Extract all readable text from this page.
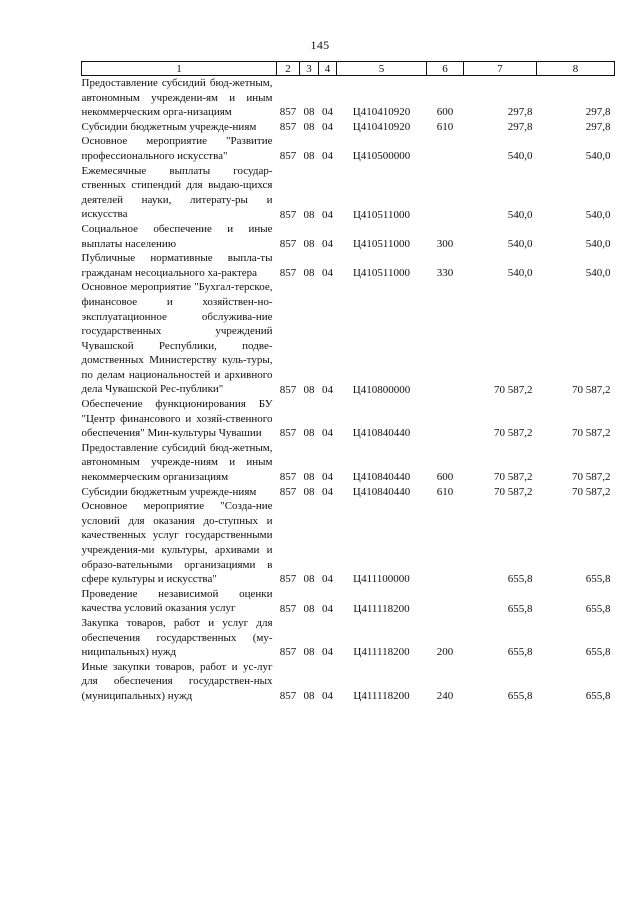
145
1	2	3	4	5	6	7	8
Предоставление субсидий бюд-жетным, автономным учреждени-ям и иным некоммерческим орга-низациям	857	08	04	Ц410410920	600	297,8	297,8
Субсидии бюджетным учрежде-ниям	857	08	04	Ц410410920	610	297,8	297,8
Основное мероприятие "Развитие профессионального искусства"	857	08	04	Ц410500000		540,0	540,0
Ежемесячные выплаты государ-ственных стипендий для выдаю-щихся деятелей науки, литерату-ры и искусства	857	08	04	Ц410511000		540,0	540,0
Социальное обеспечение и иные выплаты населению	857	08	04	Ц410511000	300	540,0	540,0
Публичные нормативные выпла-ты гражданам несоциального ха-рактера	857	08	04	Ц410511000	330	540,0	540,0
Основное мероприятие "Бухгал-терское, финансовое и хозяйствен-но-эксплуатационное обслужива-ние государственных учреждений Чувашской Республики, подве-домственных Министерству куль-туры, по делам национальностей и архивного дела Чувашской Рес-публики"	857	08	04	Ц410800000		70 587,2	70 587,2
Обеспечение функционирования БУ "Центр финансового и хозяй-ственного обеспечения" Мин-культуры Чувашии	857	08	04	Ц410840440		70 587,2	70 587,2
Предоставление субсидий бюд-жетным, автономным учрежде-ниям и иным некоммерческим организациям	857	08	04	Ц410840440	600	70 587,2	70 587,2
Субсидии бюджетным учрежде-ниям	857	08	04	Ц410840440	610	70 587,2	70 587,2
Основное мероприятие "Созда-ние условий для оказания до-ступных и качественных услуг государственными учреждения-ми культуры, архивами и образо-вательными организациями в сфере культуры и искусства"	857	08	04	Ц411100000		655,8	655,8
Проведение независимой оценки качества условий оказания услуг	857	08	04	Ц411118200		655,8	655,8
Закупка товаров, работ и услуг для обеспечения государственных (му-ниципальных) нужд	857	08	04	Ц411118200	200	655,8	655,8
Иные закупки товаров, работ и ус-луг для обеспечения государствен-ных (муниципальных) нужд	857	08	04	Ц411118200	240	655,8	655,8
